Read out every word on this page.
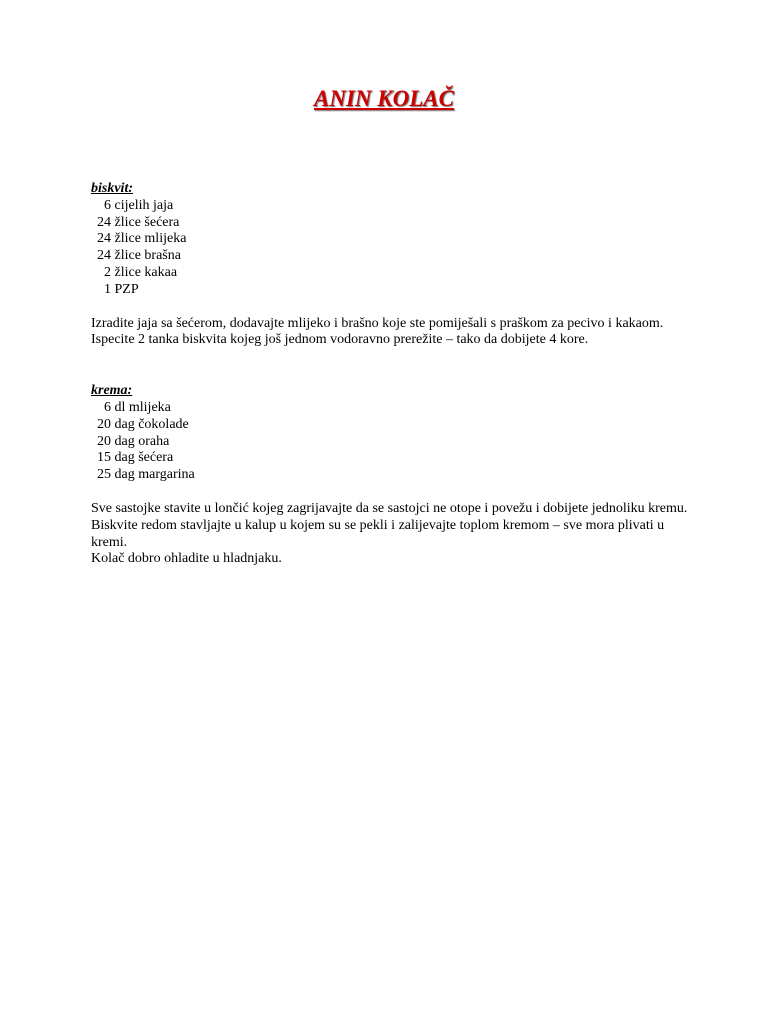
ANIN KOLAČ
biskvit:
6 cijelih jaja
24 žlice šećera
24 žlice mlijeka
24 žlice brašna
2 žlice kakaa
1 PZP

Izradite jaja sa šećerom, dodavajte mlijeko i brašno koje ste pomiješali s praškom za pecivo i kakaom. Ispecite 2 tanka biskvita kojeg još jednom vodoravno prerežite – tako da dobijete 4 kore.

krema:
6 dl mlijeka
20 dag čokolade
20 dag oraha
15 dag šećera
25 dag margarina

Sve sastojke stavite u lončić kojeg zagrijavajte da se sastojci ne otope i povežu i dobijete jednoliku kremu.

Biskvite redom stavljajte u kalup u kojem su se pekli i zalijevajte toplom kremom – sve mora plivati u kremi.

Kolač dobro ohladite u hladnjaku.
